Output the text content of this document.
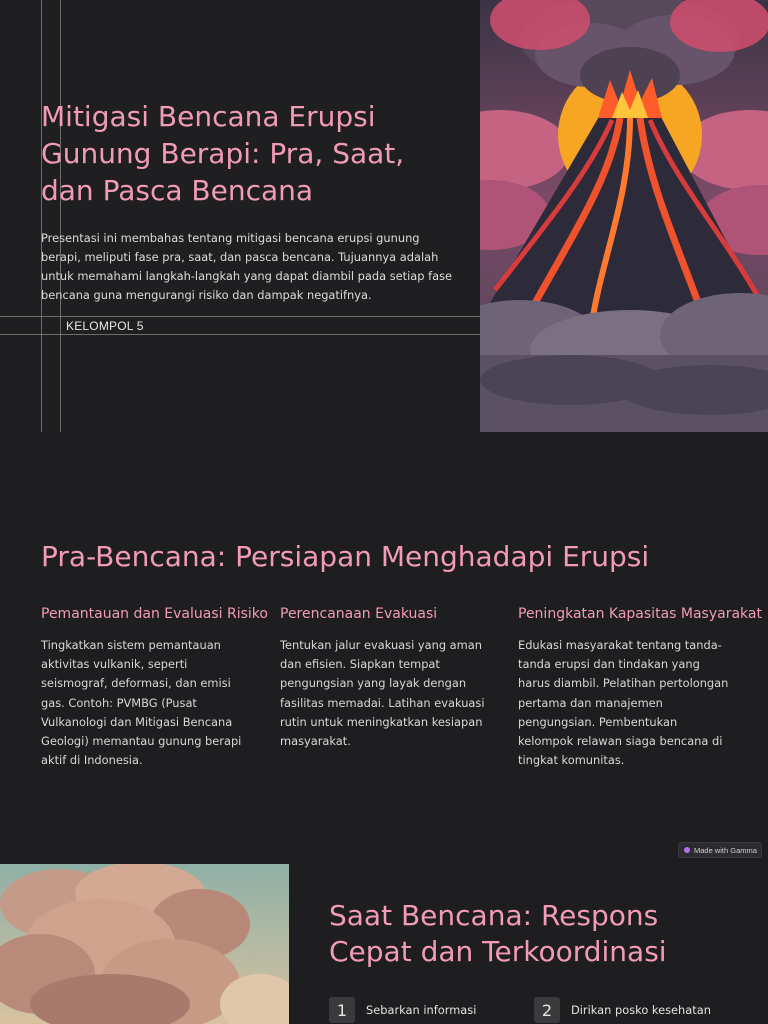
Mitigasi Bencana Erupsi Gunung Berapi: Pra, Saat, dan Pasca Bencana

Presentasi ini membahas tentang mitigasi bencana erupsi gunung berapi, meliputi fase pra, saat, dan pasca bencana. Tujuannya adalah untuk memahami langkah-langkah yang dapat diambil pada setiap fase bencana guna mengurangi risiko dan dampak negatifnya.

KELOMPOL 5
Pra-Bencana: Persiapan Menghadapi Erupsi
Pemantauan dan Evaluasi Risiko

Tingkatkan sistem pemantauan aktivitas vulkanik, seperti seismograf, deformasi, dan emisi gas. Contoh: PVMBG (Pusat Vulkanologi dan Mitigasi Bencana Geologi) memantau gunung berapi aktif di Indonesia.

Perencanaan Evakuasi

Tentukan jalur evakuasi yang aman dan efisien. Siapkan tempat pengungsian yang layak dengan fasilitas memadai. Latihan evakuasi rutin untuk meningkatkan kesiapan masyarakat.

Peningkatan Kapasitas Masyarakat

Edukasi masyarakat tentang tanda-tanda erupsi dan tindakan yang harus diambil. Pelatihan pertolongan pertama dan manajemen pengungsian. Pembentukan kelompok relawan siaga bencana di tingkat komunitas.

Made with Gamma
Saat Bencana: Respons Cepat dan Terkoordinasi
1	Sebarkan informasi	2	Dirikan posko kesehatan
